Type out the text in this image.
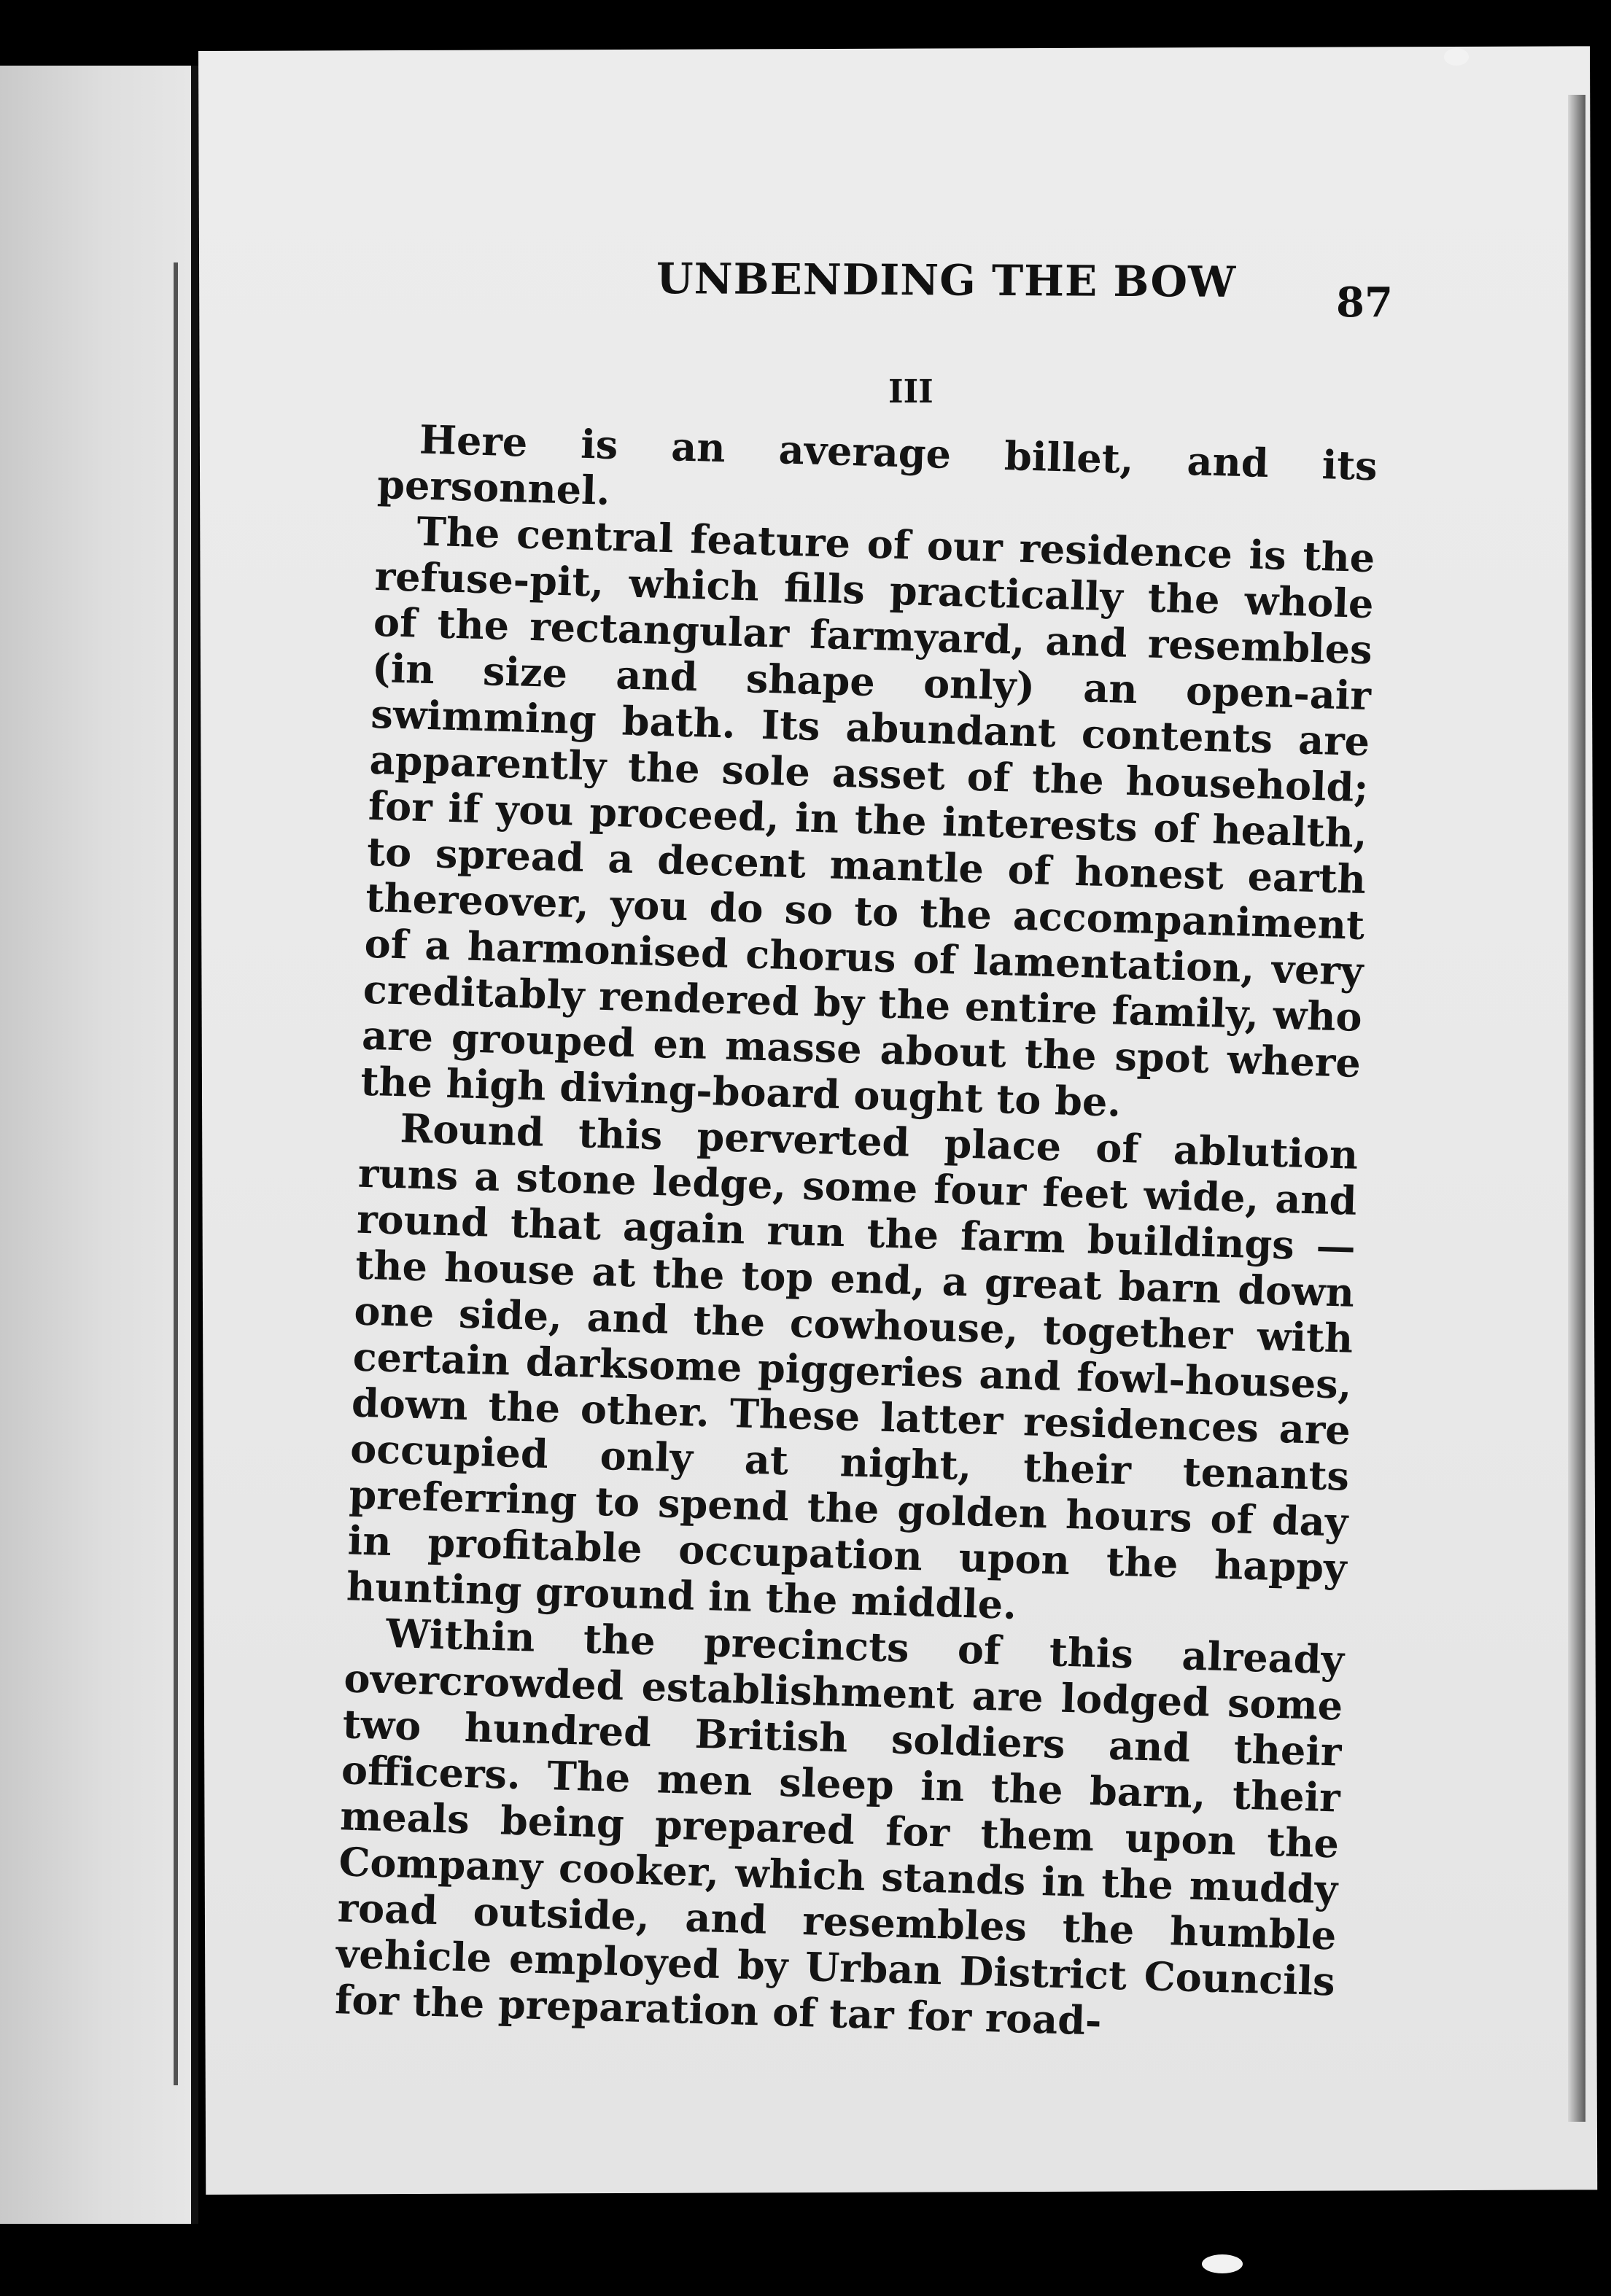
UNBENDING THE BOW 87
III

Here is an average billet, and its personnel.

The central feature of our residence is the refuse-pit, which fills practically the whole of the rectangular farmyard, and resembles (in size and shape only) an open-air swimming bath. Its abundant contents are apparently the sole asset of the household; for if you proceed, in the interests of health, to spread a decent mantle of honest earth thereover, you do so to the accompaniment of a harmonised chorus of lamentation, very creditably rendered by the entire family, who are grouped en masse about the spot where the high diving-board ought to be.

Round this perverted place of ablution runs a stone ledge, some four feet wide, and round that again run the farm buildings — the house at the top end, a great barn down one side, and the cowhouse, together with certain darksome piggeries and fowl-houses, down the other. These latter residences are occupied only at night, their tenants preferring to spend the golden hours of day in profitable occupation upon the happy hunting ground in the middle.

Within the precincts of this already overcrowded establishment are lodged some two hundred British soldiers and their officers. The men sleep in the barn, their meals being prepared for them upon the Company cooker, which stands in the muddy road outside, and resembles the humble vehicle employed by Urban District Councils for the preparation of tar for road-
